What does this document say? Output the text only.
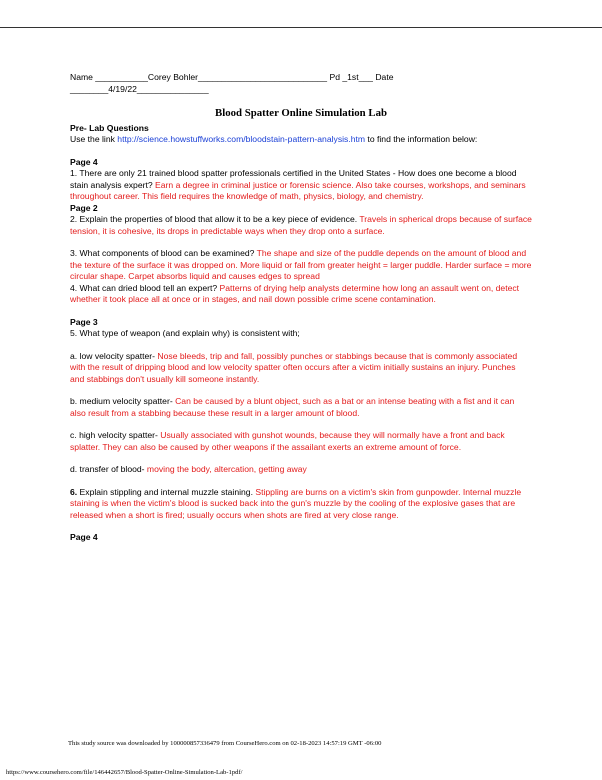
Name ___________Corey Bohler___________________________ Pd _1st___ Date

________4/19/22_______________

Blood Spatter Online Simulation Lab

Pre- Lab Questions

Use the link http://science.howstuffworks.com/bloodstain-pattern-analysis.htm to find the information below:

Page 4

1. There are only 21 trained blood spatter professionals certified in the United States - How does one become a blood stain analysis expert? Earn a degree in criminal justice or forensic science. Also take courses, workshops, and seminars throughout career. This field requires the knowledge of math, physics, biology, and chemistry.

Page 2

2. Explain the properties of blood that allow it to be a key piece of evidence. Travels in spherical drops because of surface tension, it is cohesive, its drops in predictable ways when they drop onto a surface.

3. What components of blood can be examined? The shape and size of the puddle depends on the amount of blood and the texture of the surface it was dropped on. More liquid or fall from greater height = larger puddle. Harder surface = more circular shape. Carpet absorbs liquid and causes edges to spread

4. What can dried blood tell an expert? Patterns of drying help analysts determine how long an assault went on, detect whether it took place all at once or in stages, and nail down possible crime scene contamination.

Page 3

5. What type of weapon (and explain why) is consistent with;

a. low velocity spatter- Nose bleeds, trip and fall, possibly punches or stabbings because that is commonly associated with the result of dripping blood and low velocity spatter often occurs after a victim initially sustains an injury. Punches and stabbings don't usually kill someone instantly.

b. medium velocity spatter- Can be caused by a blunt object, such as a bat or an intense beating with a fist and it can also result from a stabbing because these result in a larger amount of blood.

c. high velocity spatter- Usually associated with gunshot wounds, because they will normally have a front and back splatter. They can also be caused by other weapons if the assailant exerts an extreme amount of force.

d. transfer of blood- moving the body, altercation, getting away

6. Explain stippling and internal muzzle staining. Stippling are burns on a victim's skin from gunpowder. Internal muzzle staining is when the victim's blood is sucked back into the gun's muzzle by the cooling of the explosive gases that are released when a short is fired; usually occurs when shots are fired at very close range.

Page 4

This study source was downloaded by 100000857336479 from CourseHero.com on 02-18-2023 14:57:19 GMT -06:00
https://www.coursehero.com/file/146442657/Blood-Spatter-Online-Simulation-Lab-1pdf/
